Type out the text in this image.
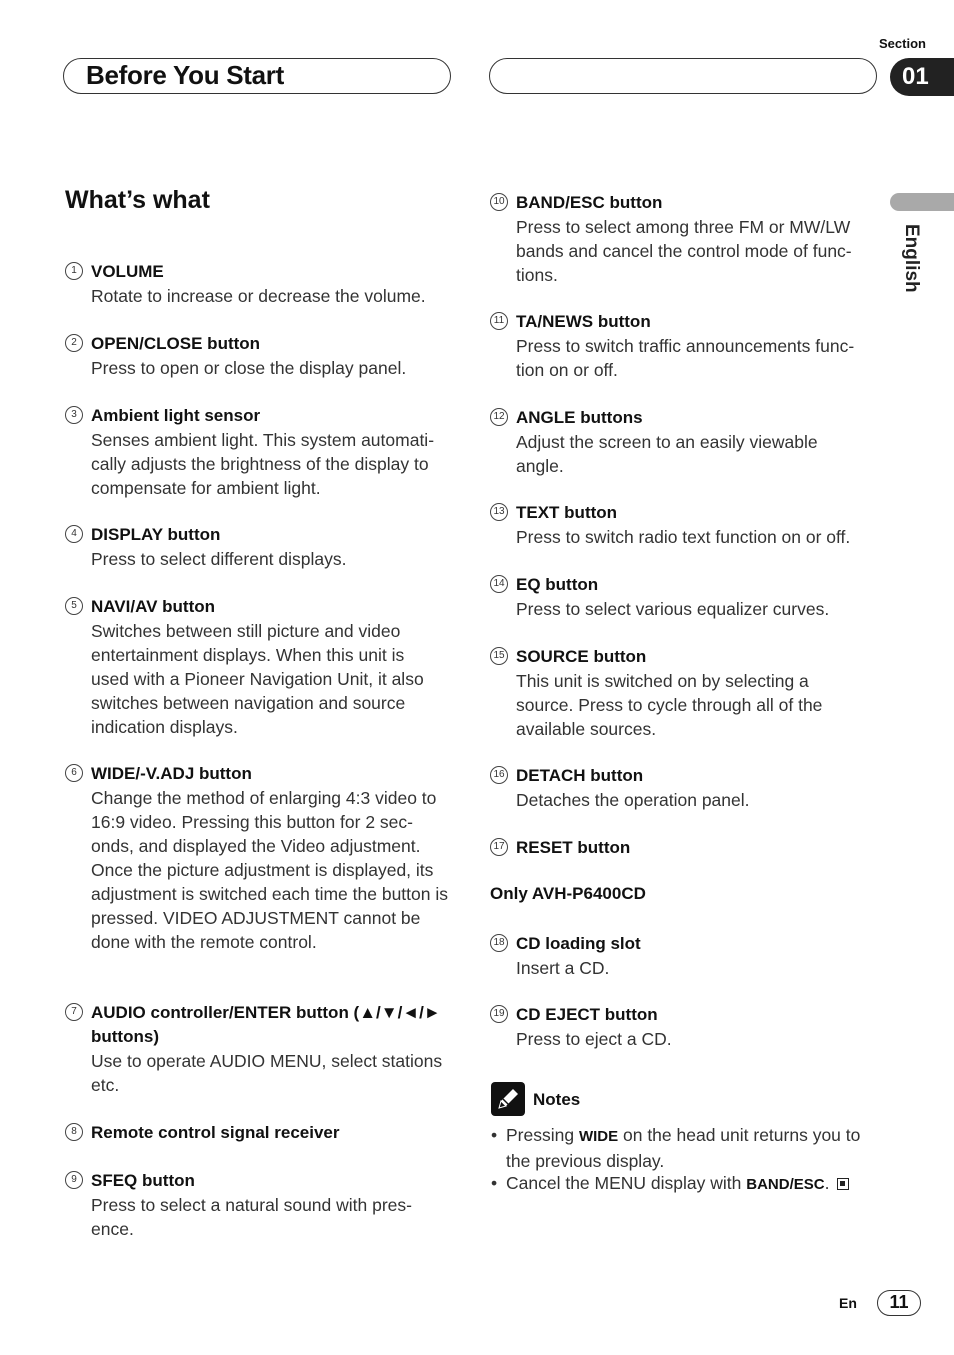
Section
Before You Start	01
English
What’s what
1 VOLUME
Rotate to increase or decrease the volume.
2 OPEN/CLOSE button
Press to open or close the display panel.
3 Ambient light sensor
Senses ambient light. This system automati-cally adjusts the brightness of the display to compensate for ambient light.
4 DISPLAY button
Press to select different displays.
5 NAVI/AV button
Switches between still picture and video entertainment displays. When this unit is used with a Pioneer Navigation Unit, it also switches between navigation and source indication displays.
6 WIDE/-V.ADJ button
Change the method of enlarging 4:3 video to 16:9 video. Pressing this button for 2 sec-onds, and displayed the Video adjustment. Once the picture adjustment is displayed, its adjustment is switched each time the button is pressed. VIDEO ADJUSTMENT cannot be done with the remote control.
7 AUDIO controller/ENTER button (▲/▼/◄/► buttons)
Use to operate AUDIO MENU, select stations etc.
8 Remote control signal receiver
9 SFEQ button
Press to select a natural sound with pres-ence.
10 BAND/ESC button
Press to select among three FM or MW/LW bands and cancel the control mode of func-tions.
11 TA/NEWS button
Press to switch traffic announcements func-tion on or off.
12 ANGLE buttons
Adjust the screen to an easily viewable angle.
13 TEXT button
Press to switch radio text function on or off.
14 EQ button
Press to select various equalizer curves.
15 SOURCE button
This unit is switched on by selecting a source. Press to cycle through all of the available sources.
16 DETACH button
Detaches the operation panel.
17 RESET button
Only AVH-P6400CD
18 CD loading slot
Insert a CD.
19 CD EJECT button
Press to eject a CD.
Notes
• Pressing WIDE on the head unit returns you to the previous display.
• Cancel the MENU display with BAND/ESC.
En	11
